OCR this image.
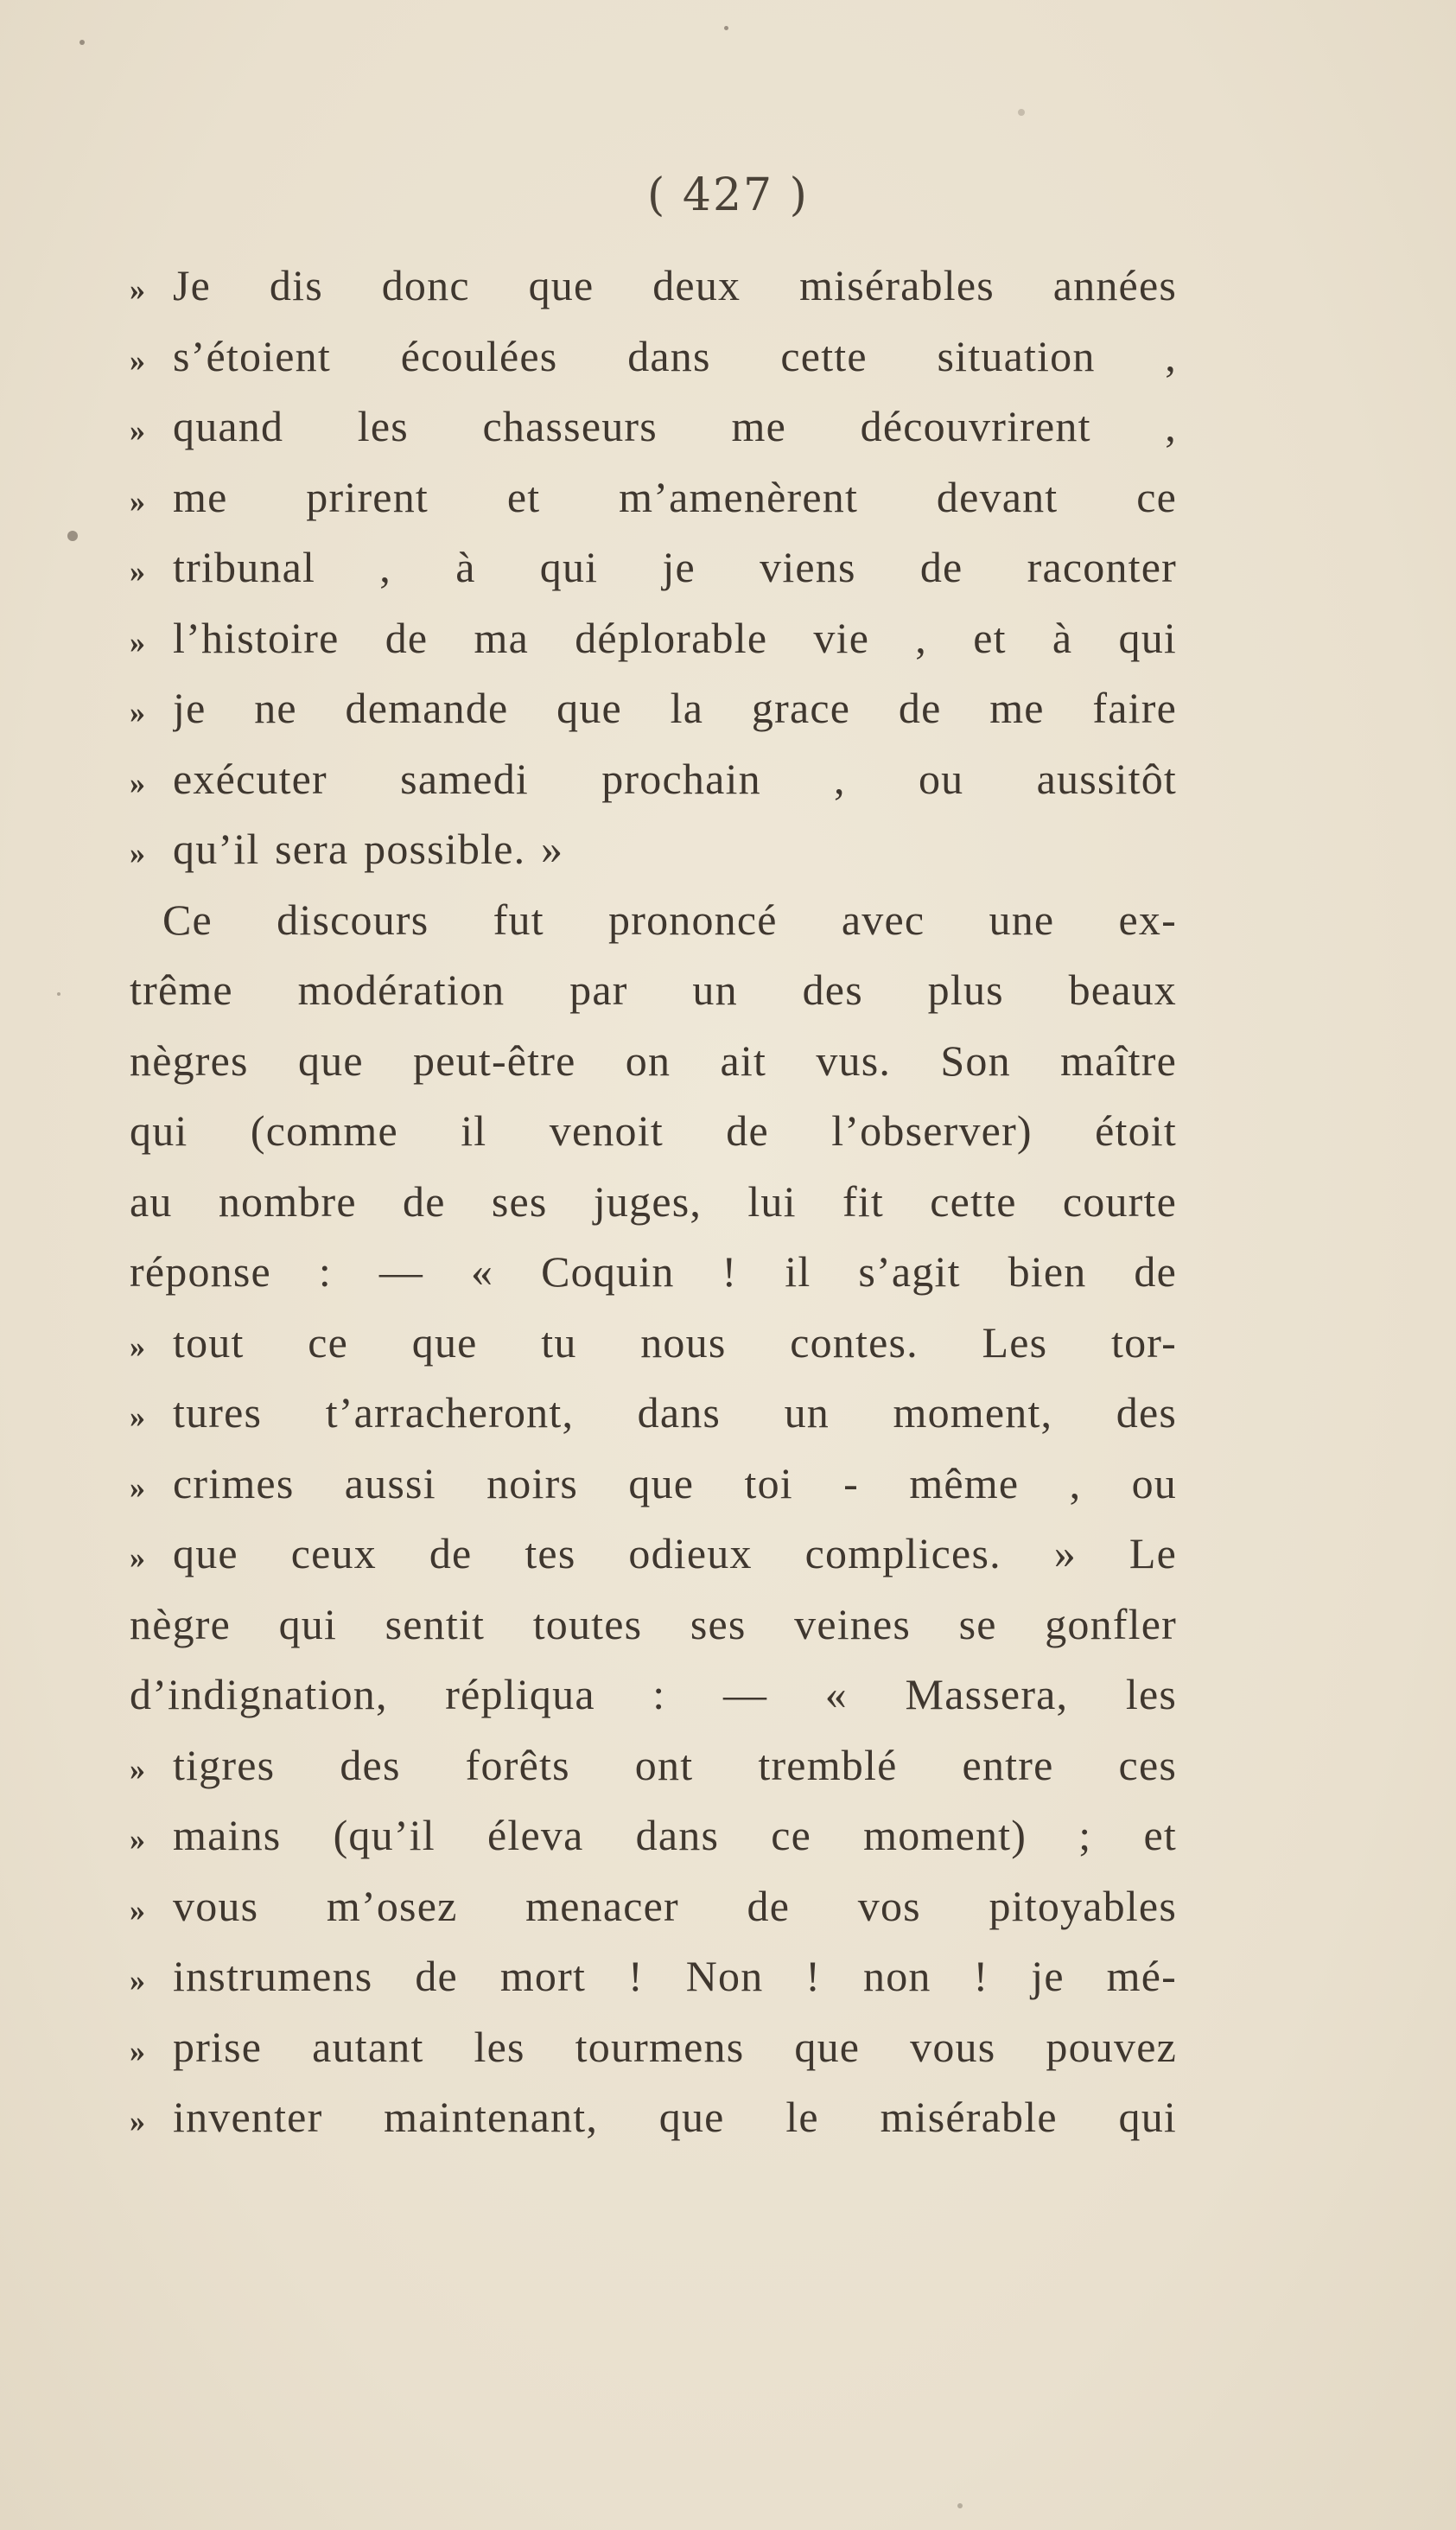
( 427 )
» Je dis donc que deux misérables années
» s’étoient écoulées dans cette situation ,
» quand les chasseurs me découvrirent ,
» me prirent et m’amenèrent devant ce
» tribunal , à qui je viens de raconter
» l’histoire de ma déplorable vie , et à qui
» je ne demande que la grace de me faire
» exécuter samedi prochain , ou aussitôt
» qu’il sera possible. »
Ce discours fut prononcé avec une ex-
trême modération par un des plus beaux
nègres que peut-être on ait vus. Son maître
qui (comme il venoit de l’observer) étoit
au nombre de ses juges, lui fit cette courte
réponse : — « Coquin ! il s’agit bien de
» tout ce que tu nous contes. Les tor-
» tures t’arracheront, dans un moment, des
» crimes aussi noirs que toi - même , ou
» que ceux de tes odieux complices. » Le
nègre qui sentit toutes ses veines se gonfler
d’indignation, répliqua : — « Massera, les
» tigres des forêts ont tremblé entre ces
» mains (qu’il éleva dans ce moment) ; et
» vous m’osez menacer de vos pitoyables
» instrumens de mort ! Non ! non ! je mé-
» prise autant les tourmens que vous pouvez
» inventer maintenant, que le misérable qui
